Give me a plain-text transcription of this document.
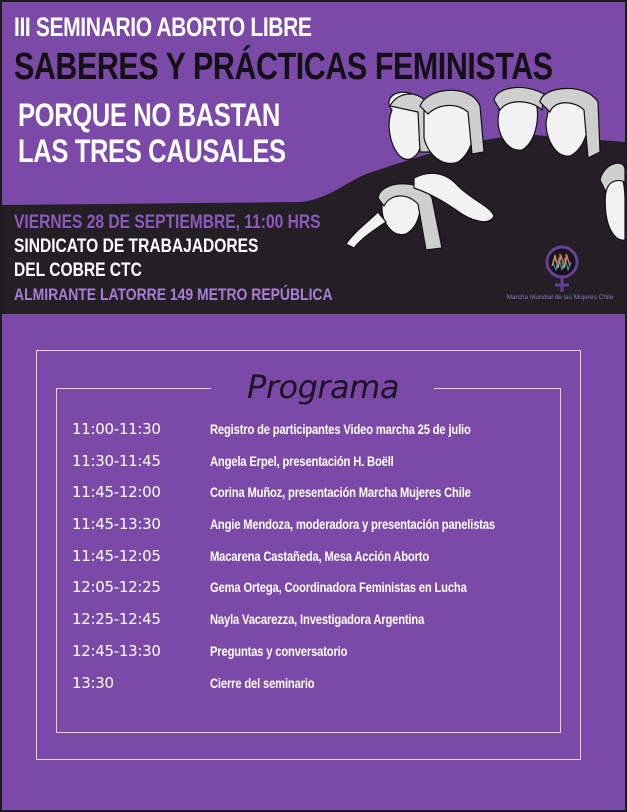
III SEMINARIO ABORTO LIBRE
SABERES Y PRÁCTICAS FEMINISTAS
PORQUE NO BASTAN
LAS TRES CAUSALES
VIERNES 28 DE SEPTIEMBRE, 11:00 HRS
SINDICATO DE TRABAJADORES
DEL COBRE CTC
ALMIRANTE LATORRE 149 METRO REPÚBLICA	Marcha Mundial de las Mujeres Chile
Programa
11:00-11:30	Registro de participantes Video marcha 25 de julio
11:30-11:45	Angela Erpel, presentación H. Boëll
11:45-12:00	Corina Muñoz, presentación Marcha Mujeres Chile
11:45-13:30	Angie Mendoza, moderadora y presentación panelistas
11:45-12:05	Macarena Castañeda, Mesa Acción Aborto
12:05-12:25	Gema Ortega, Coordinadora Feministas en Lucha
12:25-12:45	Nayla Vacarezza, Investigadora Argentina
12:45-13:30	Preguntas y conversatorio
13:30	Cierre del seminario
